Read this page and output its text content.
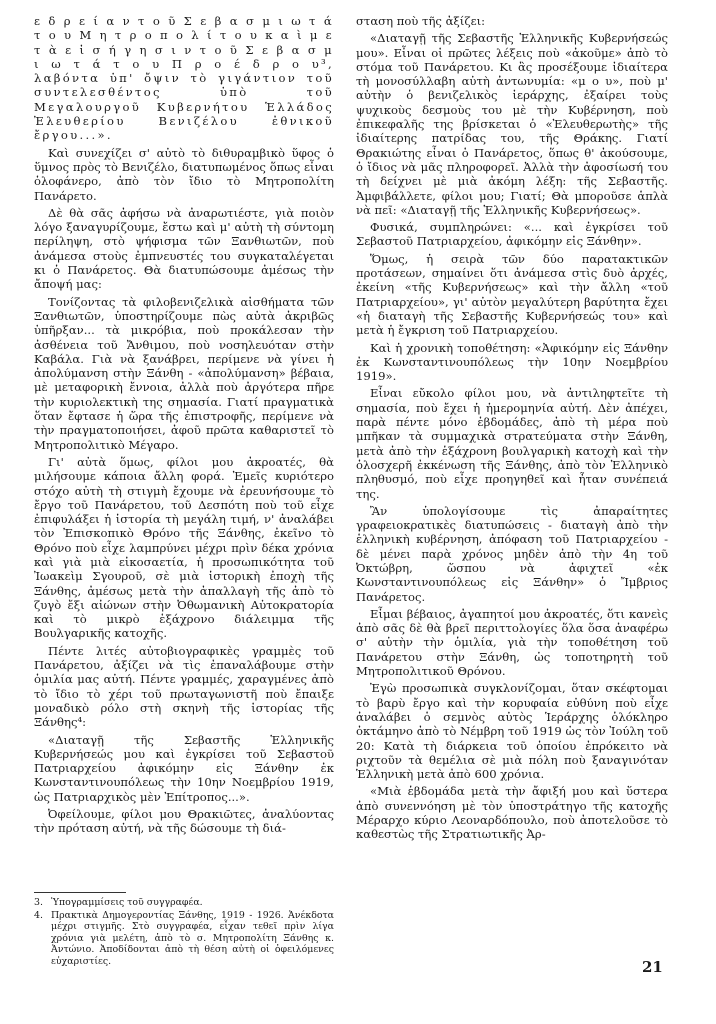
ε δ ρ ε ί α ν τ ο ῦ Σ ε β α σ μ ι ω τ ά τ ο υ Μ η τ ρ ο π ο λ ί τ ο υ κ α ὶ μ ε τ ὰ ε ἰ σ ή γ η σ ι ν τ ο ῦ Σ ε β α σ μ ι ω τ ά τ ο υ Π ρ ο έ δ ρ ο υ³, λαβόντα ὑπ' ὄψιν τὸ γιγάντιον τοῦ συντελεσθέντος ὑπὸ τοῦ Μεγαλουργοῦ Κυβερνήτου Ἑλλάδος Ἐλευθερίου Βενιζέλου ἐθνικοῦ ἔργου...».

Καὶ συνεχίζει σ' αὐτὸ τὸ διθυραμβικὸ ὕφος ὁ ὕμνος πρὸς τὸ Βενιζέλο, διατυπωμένος ὅπως εἶναι ὁλοφάνερο, ἀπὸ τὸν ἴδιο τὸ Μητροπολίτη Πανάρετο.

Δὲ θὰ σᾶς ἀφήσω νὰ ἀναρωτιέστε, γιὰ ποιὸν λόγο ξαναγυρίζουμε, ἔστω καὶ μ' αὐτὴ τὴ σύντομη περίληψη, στὸ ψήφισμα τῶν Ξανθιωτῶν, ποὺ ἀνάμεσα στοὺς ἐμπνευστές του συγκαταλέγεται κι ὁ Πανάρετος. Θὰ διατυπώσουμε ἀμέσως τὴν ἄποψή μας:

Τονίζοντας τὰ φιλοβενιζελικὰ αἰσθήματα τῶν Ξανθιωτῶν, ὑποστηρίζουμε πὼς αὐτὰ ἀκριβῶς ὑπῆρξαν... τὰ μικρόβια, ποὺ προκάλεσαν τὴν ἀσθένεια τοῦ Ἄνθιμου, ποὺ νοσηλευόταν στὴν Καβάλα. Γιὰ νὰ ξανάβρει, περίμενε νὰ γίνει ἡ ἀπολύμανση στὴν Ξάνθη - «ἀπολύμανση» βέβαια, μὲ μεταφορικὴ ἔννοια, ἀλλὰ ποὺ ἀργότερα πῆρε τὴν κυριολεκτικὴ της σημασία. Γιατί πραγματικὰ ὅταν ἔφτασε ἡ ὥρα τῆς ἐπιστροφῆς, περίμενε νὰ τὴν πραγματοποιήσει, ἀφοῦ πρῶτα καθαριστεῖ τὸ Μητροπολιτικὸ Μέγαρο.

Γι' αὐτὰ ὅμως, φίλοι μου ἀκροατές, θὰ μιλήσουμε κάποια ἄλλη φορά. Ἐμεῖς κυριότερο στόχο αὐτὴ τὴ στιγμὴ ἔχουμε νὰ ἐρευνήσουμε τὸ ἔργο τοῦ Πανάρετου, τοῦ Δεσπότη ποὺ τοῦ εἶχε ἐπιφυλάξει ἡ ἱστορία τὴ μεγάλη τιμή, ν' ἀναλάβει τὸν Ἐπισκοπικὸ Θρόνο τῆς Ξάνθης, ἐκεῖνο τὸ Θρόνο ποὺ εἶχε λαμπρύνει μέχρι πρὶν δέκα χρόνια καὶ γιὰ μιὰ εἰκοσαετία, ἡ προσωπικότητα τοῦ Ἰωακεὶμ Σγουροῦ, σὲ μιὰ ἱστορικὴ ἐποχὴ τῆς Ξάνθης, ἀμέσως μετὰ τὴν ἀπαλλαγὴ τῆς ἀπὸ τὸ ζυγὸ ἔξι αἰώνων στὴν Ὀθωμανικὴ Αὐτοκρατορία καὶ τὸ μικρὸ ἑξάχρονο διάλειμμα τῆς Βουλγαρικῆς κατοχῆς.

Πέντε λιτές αὐτοβιογραφικὲς γραμμὲς τοῦ Πανάρετου, ἀξίζει νὰ τὶς ἐπαναλάβουμε στὴν ὁμιλία μας αὐτή. Πέντε γραμμές, χαραγμένες ἀπὸ τὸ ἴδιο τὸ χέρι τοῦ πρωταγωνιστῆ ποὺ ἔπαιξε μοναδικὸ ρόλο στὴ σκηνὴ τῆς ἱστορίας τῆς Ξάνθης⁴:

«Διαταγῇ τῆς Σεβαστῆς Ἑλληνικῆς Κυβερνήσεώς μου καὶ ἐγκρίσει τοῦ Σεβαστοῦ Πατριαρχείου ἀφικόμην εἰς Ξάνθην ἐκ Κωνσταντινουπόλεως τὴν 10ην Νοεμβρίου 1919, ὡς Πατριαρχικὸς μὲν Ἐπίτροπος...».

Ὀφείλουμε, φίλοι μου Θρακιῶτες, ἀναλύοντας τὴν πρόταση αὐτή, νὰ τῆς δώσουμε τὴ διά-

σταση ποὺ τῆς ἀξίζει:

«Διαταγῇ τῆς Σεβαστῆς Ἑλληνικῆς Κυβερνήσεώς μου». Εἶναι οἱ πρῶτες λέξεις ποὺ «ἀκοῦμε» ἀπὸ τὸ στόμα τοῦ Πανάρετου. Κι ἂς προσέξουμε ἰδιαίτερα τὴ μονοσύλλαβη αὐτὴ ἀντωνυμία: «μ ο υ», ποὺ μ' αὐτὴν ὁ βενιζελικὸς ἱεράρχης, ἐξαίρει τοὺς ψυχικοὺς δεσμοὺς του μὲ τὴν Κυβέρνηση, ποὺ ἐπικεφαλῆς της βρίσκεται ὁ «Ἐλευθερωτὴς» τῆς ἰδιαίτερης πατρίδας του, τῆς Θράκης. Γιατί Θρακιώτης εἶναι ὁ Πανάρετος, ὅπως θ' ἀκούσουμε, ὁ ἴδιος νὰ μᾶς πληροφορεῖ. Ἀλλὰ τὴν ἀφοσίωσή του τὴ δείχνει μὲ μιὰ ἀκόμη λέξη: τῆς Σεβαστῆς. Ἀμφιβάλλετε, φίλοι μου; Γιατί; Θὰ μποροῦσε ἁπλὰ νὰ πεῖ: «Διαταγῇ τῆς Ἑλληνικῆς Κυβερνήσεως».

Φυσικά, συμπληρώνει: «... καὶ ἐγκρίσει τοῦ Σεβαστοῦ Πατριαρχείου, ἀφικόμην εἰς Ξάνθην».

Ὅμως, ἡ σειρὰ τῶν δύο παρατακτικῶν προτάσεων, σημαίνει ὅτι ἀνάμεσα στὶς δυὸ ἀρχές, ἐκείνη «τῆς Κυβερνήσεως» καὶ τὴν ἄλλη «τοῦ Πατριαρχείου», γι' αὐτὸν μεγαλύτερη βαρύτητα ἔχει «ἡ διαταγὴ τῆς Σεβαστῆς Κυβερνήσεώς του» καὶ μετὰ ἡ ἔγκριση τοῦ Πατριαρχείου.

Καὶ ἡ χρονικὴ τοποθέτηση: «Ἀφικόμην εἰς Ξάνθην ἐκ Κωνσταντινουπόλεως τὴν 10ην Νοεμβρίου 1919».

Εἶναι εὔκολο φίλοι μου, νὰ ἀντιληφτεῖτε τὴ σημασία, ποὺ ἔχει ἡ ἡμερομηνία αὐτή. Δὲν ἀπέχει, παρὰ πέντε μόνο ἑβδομάδες, ἀπὸ τὴ μέρα ποὺ μπῆκαν τὰ συμμαχικὰ στρατεύματα στὴν Ξάνθη, μετὰ ἀπὸ τὴν ἑξάχρονη βουλγαρικὴ κατοχὴ καὶ τὴν ὁλοσχερῆ ἐκκένωση τῆς Ξάνθης, ἀπὸ τὸν Ἑλληνικὸ πληθυσμό, ποὺ εἶχε προηγηθεῖ καὶ ἦταν συνέπειά της.

Ἂν ὑπολογίσουμε τὶς ἀπαραίτητες γραφειοκρατικὲς διατυπώσεις - διαταγὴ ἀπὸ τὴν ἑλληνικὴ κυβέρνηση, ἀπόφαση τοῦ Πατριαρχείου - δὲ μένει παρὰ χρόνος μηδὲν ἀπὸ τὴν 4η τοῦ Ὀκτώβρη, ὥσπου νὰ ἀφιχτεῖ «ἐκ Κωνσταντινουπόλεως εἰς Ξάνθην» ὁ Ἴμβριος Πανάρετος.

Εἶμαι βέβαιος, ἀγαπητοί μου ἀκροατές, ὅτι κανεὶς ἀπὸ σᾶς δὲ θὰ βρεῖ περιττολογίες ὅλα ὅσα ἀναφέρω σ' αὐτὴν τὴν ὁμιλία, γιὰ τὴν τοποθέτηση τοῦ Πανάρετου στὴν Ξάνθη, ὡς τοποτηρητὴ τοῦ Μητροπολιτικοῦ Θρόνου.

Ἐγὼ προσωπικὰ συγκλονίζομαι, ὅταν σκέφτομαι τὸ βαρὺ ἔργο καὶ τὴν κορυφαία εὐθύνη ποὺ εἶχε ἀναλάβει ὁ σεμνὸς αὐτὸς Ἱεράρχης ὁλόκληρο ὀκτάμηνο ἀπὸ τὸ Νέμβρη τοῦ 1919 ὡς τὸν Ἰούλη τοῦ 20: Κατὰ τὴ διάρκεια τοῦ ὁποίου ἐπρόκειτο νὰ ριχτοῦν τὰ θεμέλια σὲ μιὰ πόλη ποὺ ξαναγινόταν Ἑλληνικὴ μετὰ ἀπὸ 600 χρόνια.

«Μιὰ ἑβδομάδα μετὰ τὴν ἄφιξή μου καὶ ὕστερα ἀπὸ συνεννόηση μὲ τὸν ὑποστράτηγο τῆς κατοχῆς Μέραρχο κύριο Λεοναρδόπουλο, ποὺ ἀποτελοῦσε τὸ καθεστὼς τῆς Στρατιωτικῆς Ἀρ-

3. Ὑπογραμμίσεις τοῦ συγγραφέα.
4. Πρακτικὰ Δημογεροντίας Ξάνθης, 1919 - 1926. Ἀνέκδοτα μέχρι στιγμῆς. Στὸ συγγραφέα, εἶχαν τεθεῖ πρὶν λίγα χρόνια γιὰ μελέτη, ἀπὸ τὸ σ. Μητροπολίτη Ξάνθης κ. Ἀντώνιο. Ἀποδίδονται ἀπὸ τὴ θέση αὐτὴ οἱ ὀφειλόμενες εὐχαριστίες.	21
